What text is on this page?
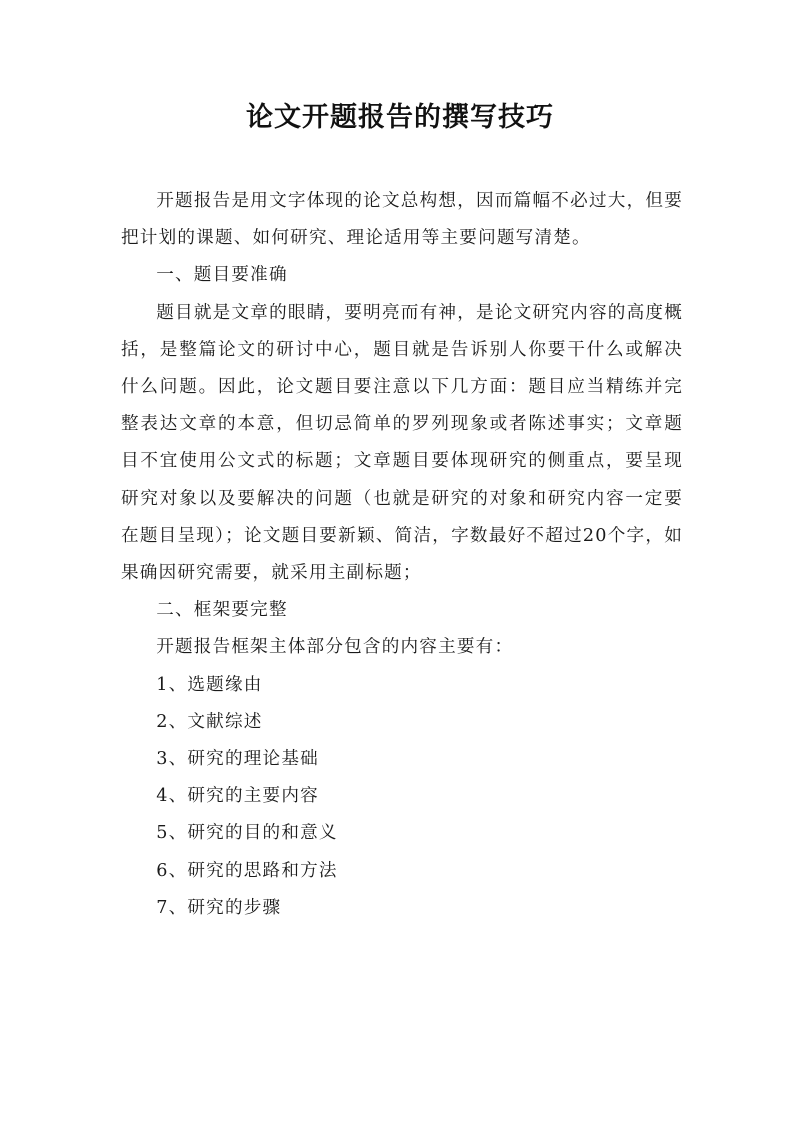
论文开题报告的撰写技巧

开题报告是用文字体现的论文总构想，因而篇幅不必过大，但要把计划的课题、如何研究、理论适用等主要问题写清楚。

一、题目要准确

题目就是文章的眼睛，要明亮而有神，是论文研究内容的高度概括，是整篇论文的研讨中心，题目就是告诉别人你要干什么或解决什么问题。因此，论文题目要注意以下几方面：题目应当精练并完整表达文章的本意，但切忌简单的罗列现象或者陈述事实；文章题目不宜使用公文式的标题；文章题目要体现研究的侧重点，要呈现研究对象以及要解决的问题（也就是研究的对象和研究内容一定要在题目呈现）；论文题目要新颖、简洁，字数最好不超过20个字，如果确因研究需要，就采用主副标题；

二、框架要完整

开题报告框架主体部分包含的内容主要有：

1、选题缘由

2、文献综述

3、研究的理论基础

4、研究的主要内容

5、研究的目的和意义

6、研究的思路和方法

7、研究的步骤
